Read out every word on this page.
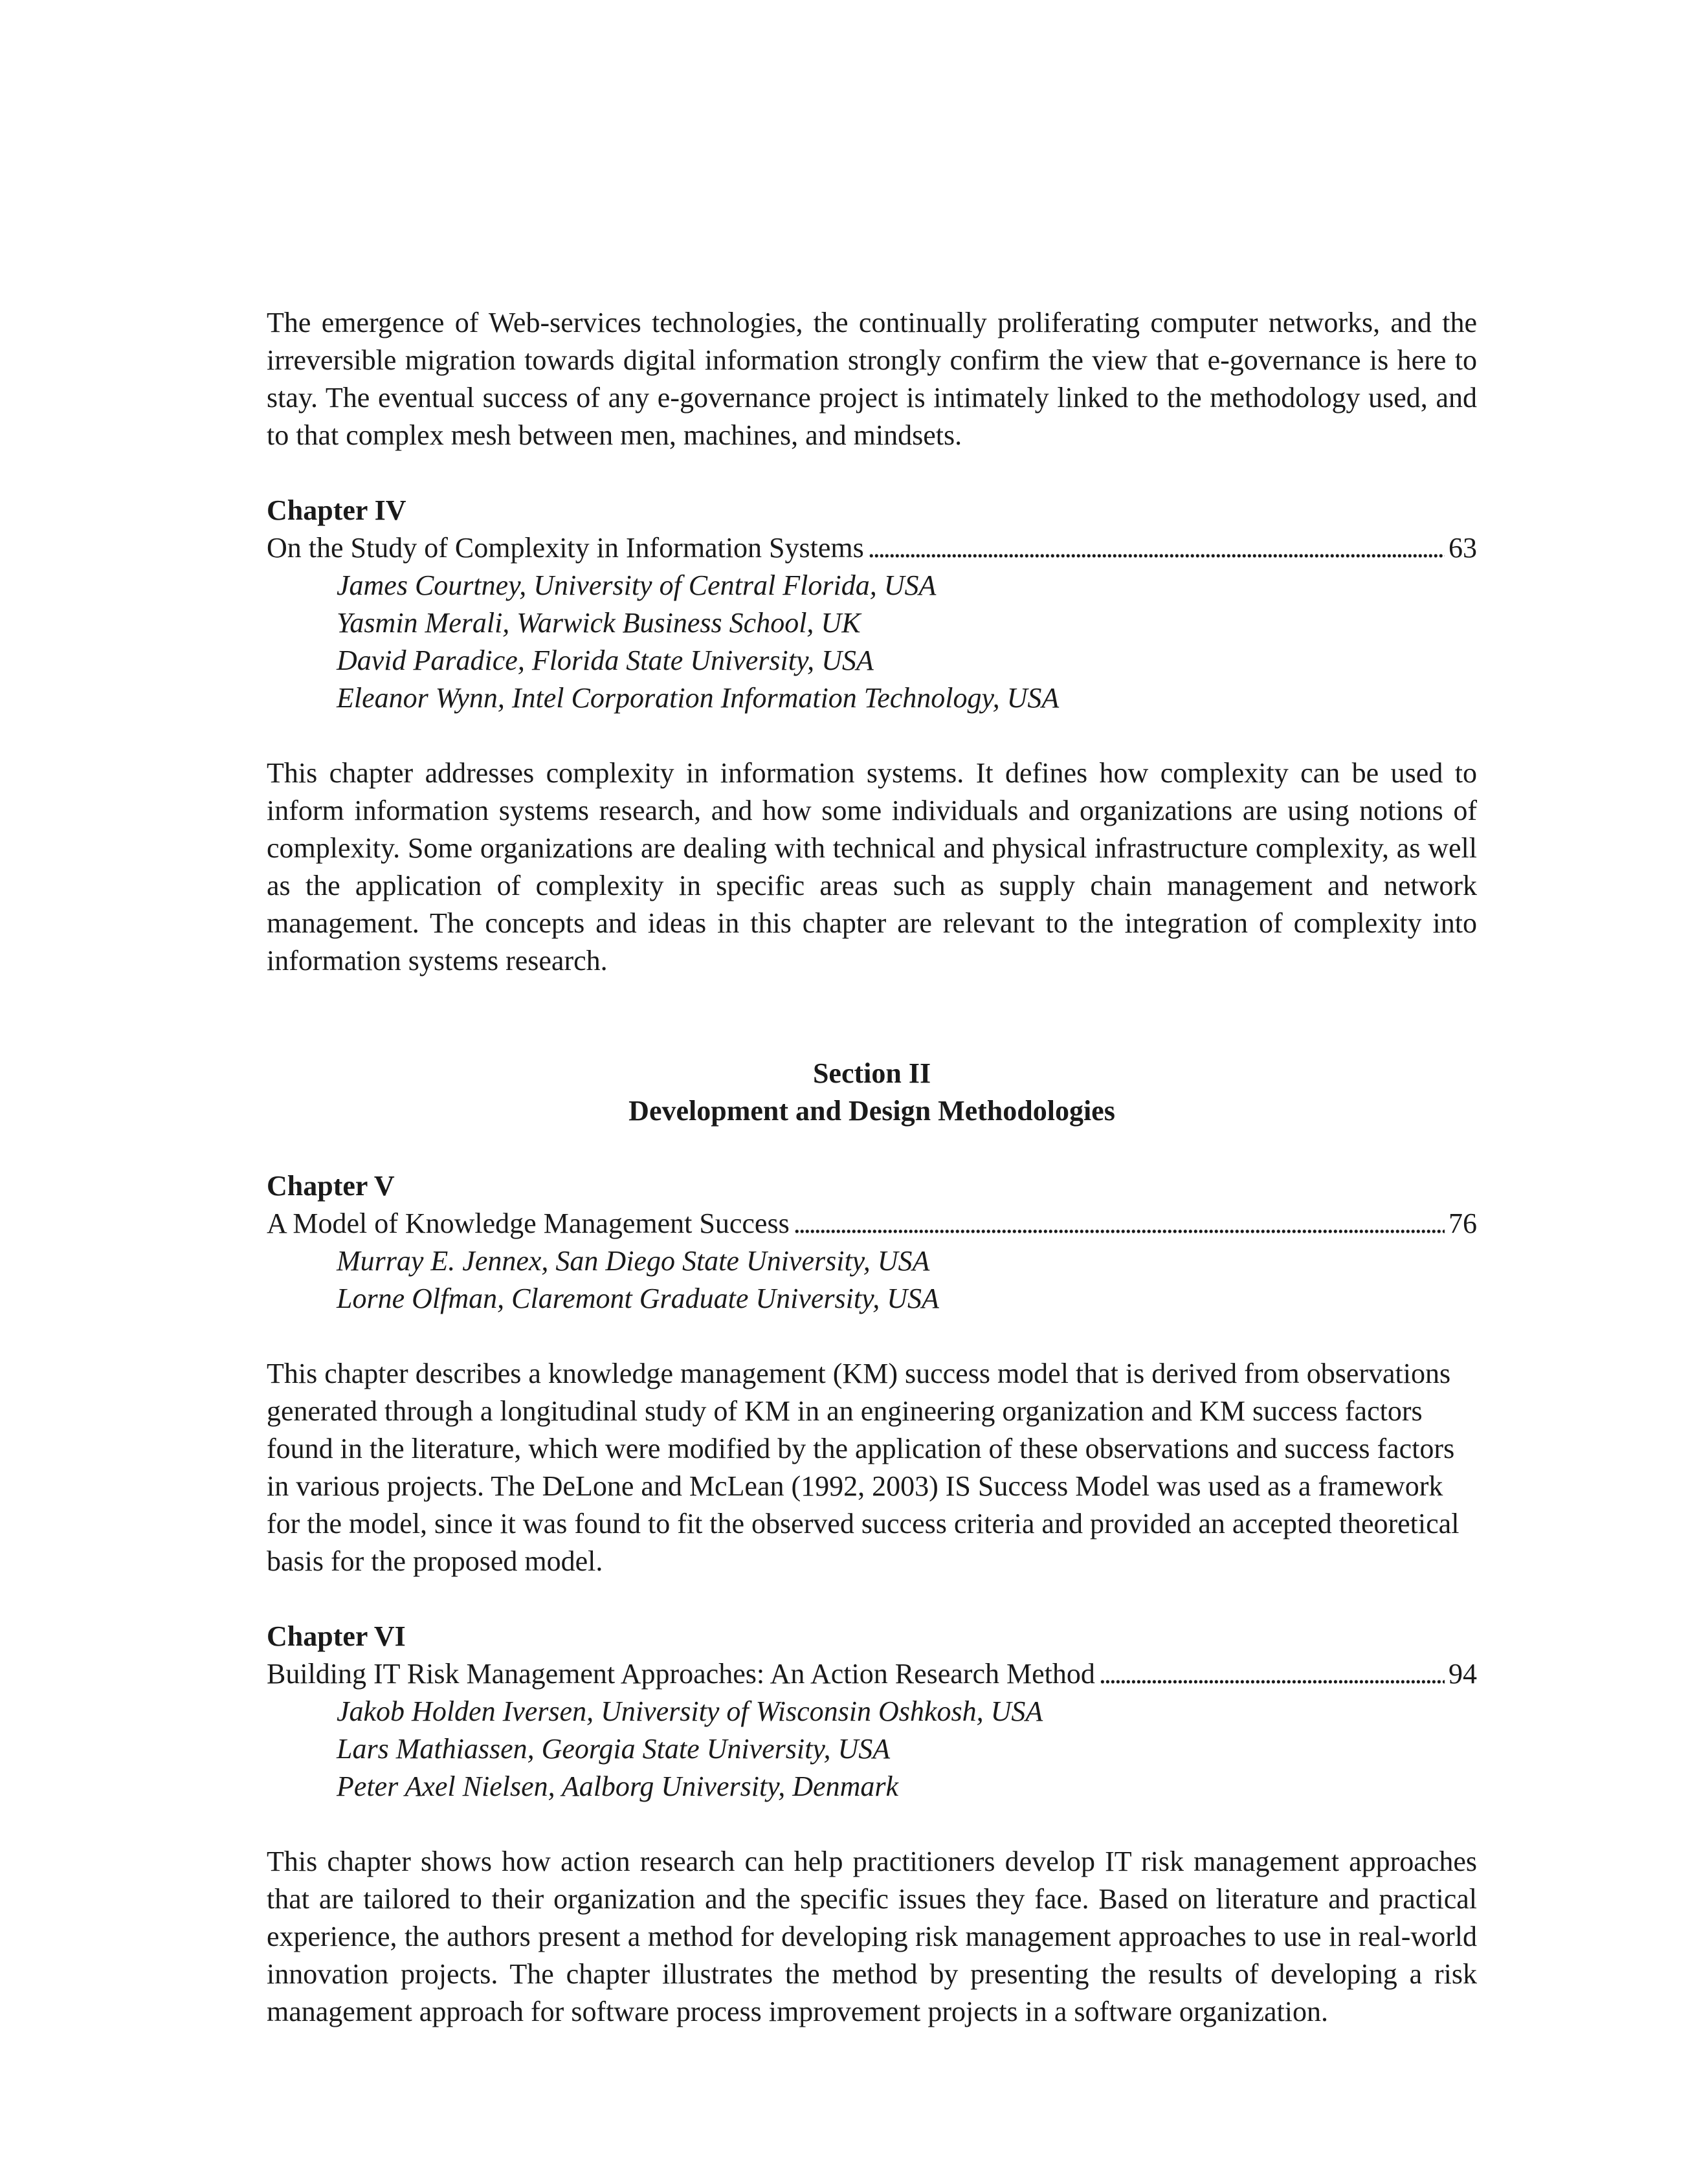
The emergence of Web-services technologies, the continually proliferating computer networks, and the irreversible migration towards digital information strongly confirm the view that e-governance is here to stay. The eventual success of any e-governance project is intimately linked to the methodology used, and to that complex mesh between men, machines, and mindsets.

Chapter IV

On the Study of Complexity in Information Systems . . .	63

James Courtney, University of Central Florida, USA

Yasmin Merali, Warwick Business School, UK

David Paradice, Florida State University, USA

Eleanor Wynn, Intel Corporation Information Technology, USA

This chapter addresses complexity in information systems. It defines how complexity can be used to inform information systems research, and how some individuals and organizations are using notions of complexity. Some organizations are dealing with technical and physical infrastructure complexity, as well as the application of complexity in specific areas such as supply chain management and network management. The concepts and ideas in this chapter are relevant to the integration of complexity into information systems research.

Section II

Development and Design Methodologies

Chapter V

A Model of Knowledge Management Success . . .	76

Murray E. Jennex, San Diego State University, USA

Lorne Olfman, Claremont Graduate University, USA

This chapter describes a knowledge management (KM) success model that is derived from observations generated through a longitudinal study of KM in an engineering organization and KM success factors found in the literature, which were modified by the application of these observations and success factors in various projects. The DeLone and McLean (1992, 2003) IS Success Model was used as a framework for the model, since it was found to fit the observed success criteria and provided an accepted theoretical basis for the proposed model.

Chapter VI

Building IT Risk Management Approaches: An Action Research Method . . .	94

Jakob Holden Iversen, University of Wisconsin Oshkosh, USA

Lars Mathiassen, Georgia State University, USA

Peter Axel Nielsen, Aalborg University, Denmark

This chapter shows how action research can help practitioners develop IT risk management approaches that are tailored to their organization and the specific issues they face. Based on literature and practical experience, the authors present a method for developing risk management approaches to use in real-world innovation projects. The chapter illustrates the method by presenting the results of developing a risk management approach for software process improvement projects in a software organization.
